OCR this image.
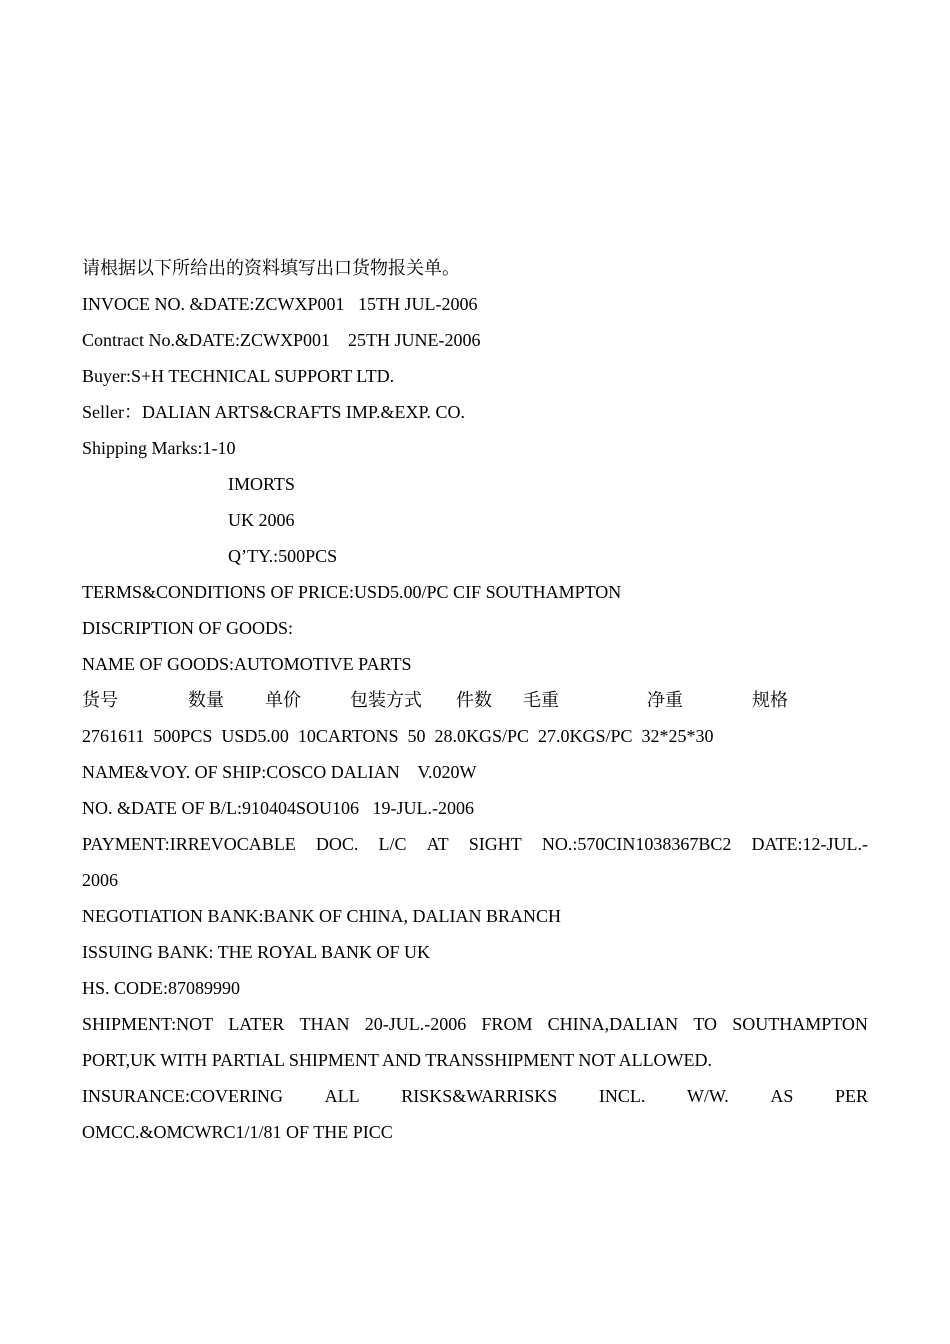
请根据以下所给出的资料填写出口货物报关单。
INVOCE NO. &DATE:ZCWXP001   15TH JUL-2006
Contract No.&DATE:ZCWXP001    25TH JUNE-2006
Buyer:S+H TECHNICAL SUPPORT LTD.
Seller：DALIAN ARTS&CRAFTS IMP.&EXP. CO.
Shipping Marks:1-10
IMORTS
UK 2006
Q’TY.:500PCS
TERMS&CONDITIONS OF PRICE:USD5.00/PC CIF SOUTHAMPTON
DISCRIPTION OF GOODS:
NAME OF GOODS:AUTOMOTIVE PARTS
货号	数量 单价	包装方式 件数 毛重	净重	规格
2761611  500PCS  USD5.00  10CARTONS  50  28.0KGS/PC  27.0KGS/PC  32*25*30
NAME&VOY. OF SHIP:COSCO DALIAN    V.020W
NO. &DATE OF B/L:910404SOU106   19-JUL.-2006
PAYMENT:IRREVOCABLE DOC. L/C AT SIGHT NO.:570CIN1038367BC2 DATE:12-JUL.-
2006
NEGOTIATION BANK:BANK OF CHINA, DALIAN BRANCH
ISSUING BANK: THE ROYAL BANK OF UK
HS. CODE:87089990
SHIPMENT:NOT LATER THAN 20-JUL.-2006 FROM CHINA,DALIAN TO SOUTHAMPTON
PORT,UK WITH PARTIAL SHIPMENT AND TRANSSHIPMENT NOT ALLOWED.
INSURANCE:COVERING ALL RISKS&WARRISKS INCL. W/W. AS PER
OMCC.&OMCWRC1/1/81 OF THE PICC
